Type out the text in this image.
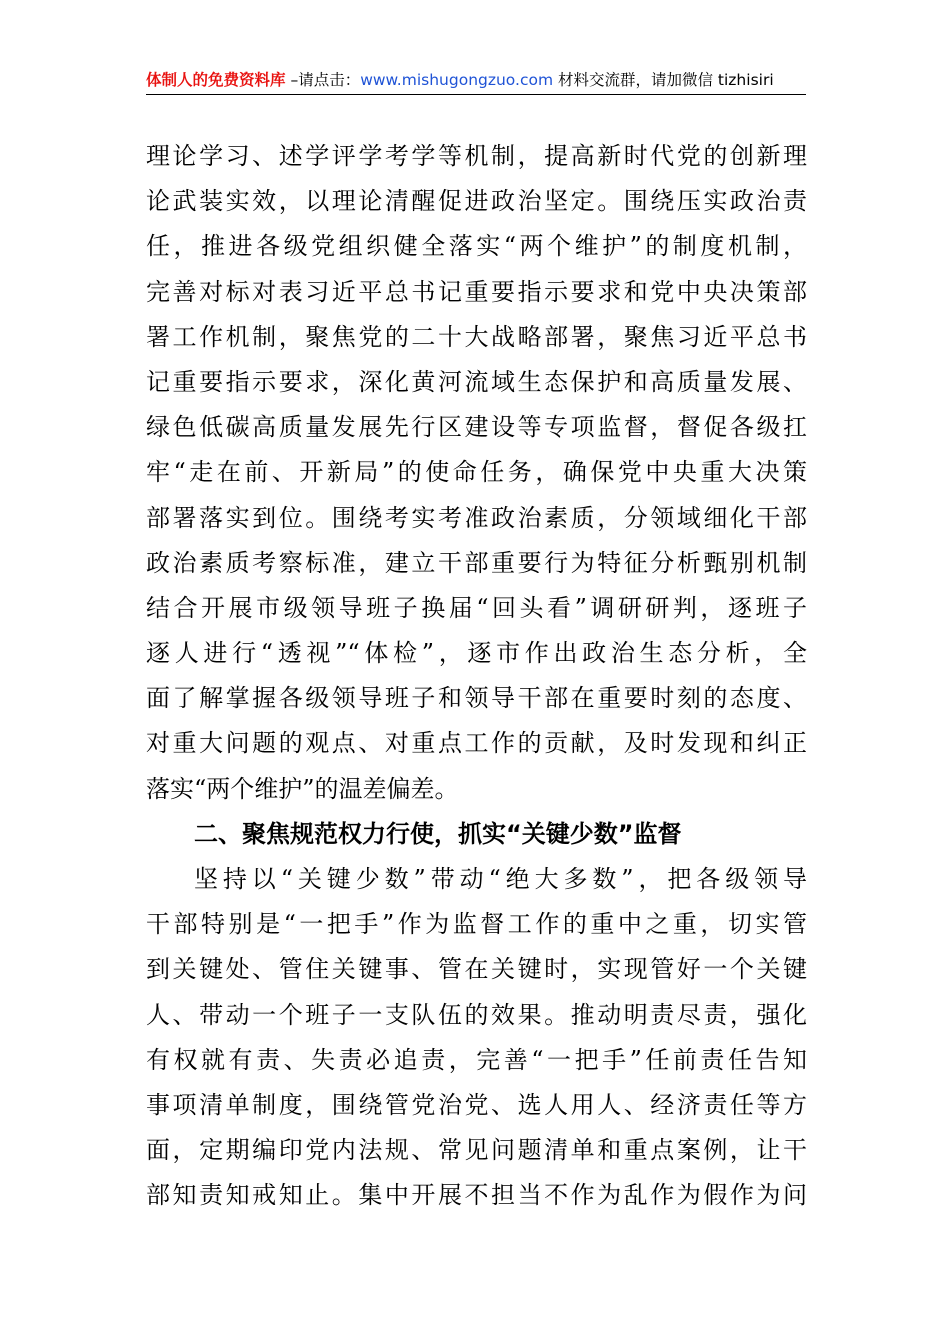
体制人的免费资料库 –请点击：www.mishugongzuo.com 材料交流群，请加微信 tizhisiri
理论学习、述学评学考学等机制，提高新时代党的创新理
论武装实效，以理论清醒促进政治坚定。围绕压实政治责
任，推进各级党组织健全落实“两个维护”的制度机制，
完善对标对表习近平总书记重要指示要求和党中央决策部
署工作机制，聚焦党的二十大战略部署，聚焦习近平总书
记重要指示要求，深化黄河流域生态保护和高质量发展、
绿色低碳高质量发展先行区建设等专项监督，督促各级扛
牢“走在前、开新局”的使命任务，确保党中央重大决策
部署落实到位。围绕考实考准政治素质，分领域细化干部
政治素质考察标准，建立干部重要行为特征分析甄别机制
结合开展市级领导班子换届“回头看”调研研判，逐班子
逐人进行“透视”“体检”，逐市作出政治生态分析，全
面了解掌握各级领导班子和领导干部在重要时刻的态度、
对重大问题的观点、对重点工作的贡献，及时发现和纠正
落实“两个维护”的温差偏差。
二、聚焦规范权力行使，抓实“关键少数”监督
坚持以“关键少数”带动“绝大多数”，把各级领导
干部特别是“一把手”作为监督工作的重中之重，切实管
到关键处、管住关键事、管在关键时，实现管好一个关键
人、带动一个班子一支队伍的效果。推动明责尽责，强化
有权就有责、失责必追责，完善“一把手”任前责任告知
事项清单制度，围绕管党治党、选人用人、经济责任等方
面，定期编印党内法规、常见问题清单和重点案例，让干
部知责知戒知止。集中开展不担当不作为乱作为假作为问
